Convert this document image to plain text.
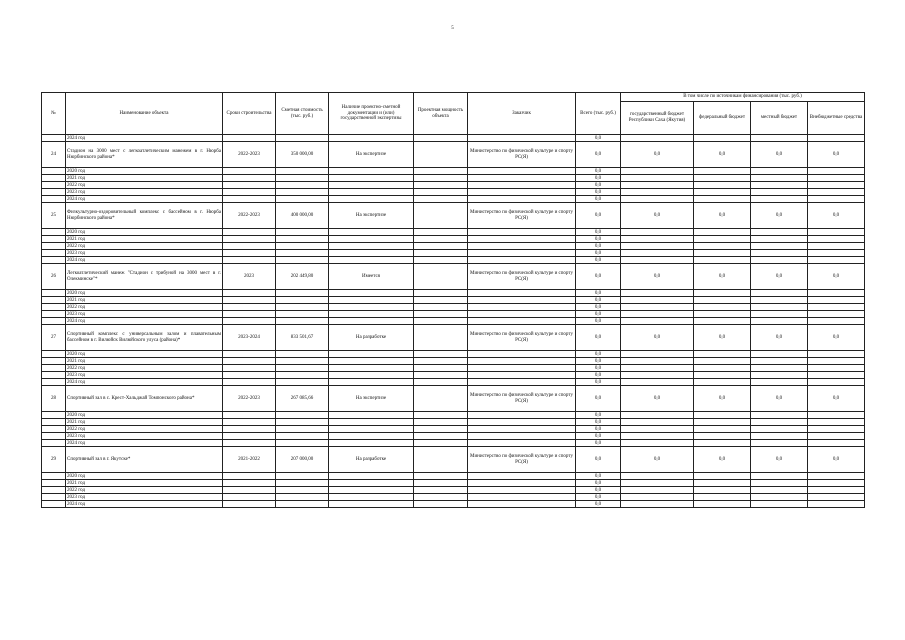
5
№	Наименование объекта	Сроки строительства	Сметная стоимость (тыс. руб.)	Наличие проектно-сметной документации и (или) государственной экспертизы	Проектная мощность объекта	Заказчик	Всего (тыс. руб.)	В том числе по источникам финансирования (тыс. руб.)			
								государственный бюджет Республики Саха (Якутия)	федеральный бюджет	местный бюджет	Внебюджетные средства
	2024 год						0,0				
24	Стадион на 3000 мест с легкоатлетическим манежем в г. Нюрба Нюрбинского района*	2022-2023	350 000,00	На экспертизе		Министерство по физической культуре и спорту РС(Я)	0,0	0,0	0,0	0,0	0,0
	2020 год						0,0				
	2021 год						0,0				
	2022 год						0,0				
	2023 год						0,0				
	2024 год						0,0				
25	Физкультурно-оздоровительный комплекс с бассейном в г. Нюрба Нюрбинского района*	2022-2023	400 000,00	На экспертизе		Министерство по физической культуре и спорту РС(Я)	0,0	0,0	0,0	0,0	0,0
	2020 год						0,0				
	2021 год						0,0				
	2022 год						0,0				
	2023 год						0,0				
	2024 год						0,0				
26	Легкоатлетический манеж "Стадион с трибуной на 3000 мест в г. Олекминске"*	2023	202 449,80	Имеется		Министерство по физической культуре и спорту РС(Я)	0,0	0,0	0,0	0,0	0,0
	2020 год						0,0				
	2021 год						0,0				
	2022 год						0,0				
	2023 год						0,0				
	2024 год						0,0				
27	Спортивный комплекс с универсальным залом и плавательным бассейном в г. Вилюйск Вилюйского улуса (района)*	2023-2024	833 501,67	На разработке		Министерство по физической культуре и спорту РС(Я)	0,0	0,0	0,0	0,0	0,0
	2020 год						0,0				
	2021 год						0,0				
	2022 год						0,0				
	2023 год						0,0				
	2024 год						0,0				
28	Спортивный зал в с. Крест-Хальджай Томпонского района*	2022-2023	267 085,66	На экспертизе		Министерство по физической культуре и спорту РС(Я)	0,0	0,0	0,0	0,0	0,0
	2020 год						0,0				
	2021 год						0,0				
	2022 год						0,0				
	2023 год						0,0				
	2024 год						0,0				
29	Спортивный зал в г. Якутске*	2021-2022	207 000,00	На разработке		Министерство по физической культуре и спорту РС(Я)	0,0	0,0	0,0	0,0	0,0
	2020 год						0,0				
	2021 год						0,0				
	2022 год						0,0				
	2023 год						0,0				
	2024 год						0,0				
